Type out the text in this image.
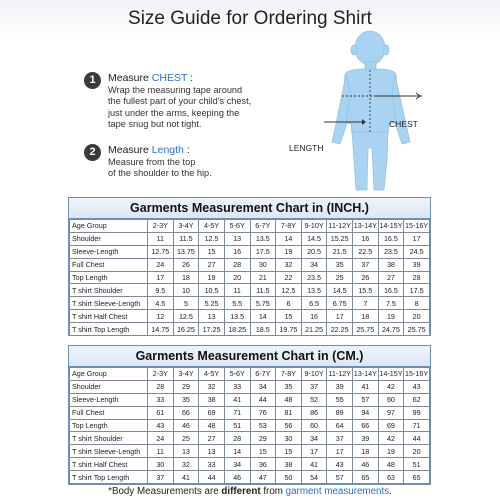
Size Guide for Ordering Shirt
1	Measure CHEST :
Wrap the measuring tape around
the fullest part of your child's chest,
just under the arms, keeping the
tape snug but not tight.
2	Measure Length :
Measure from the top
of the shoulder to the hip.
CHEST
LENGTH
Garments Measurement Chart in (INCH.)
Age Group	2-3Y	3-4Y	4-5Y	5-6Y	6-7Y	7-8Y	9-10Y	11-12Y	13-14Y	14-15Y	15-16Y
Shoulder	11	11.5	12.5	13	13.5	14	14.5	15.25	16	16.5	17
Sleeve-Length	12.75	13.75	15	16	17.5	19	20.5	21.5	22.5	23.5	24.5
Full Chest	24	26	27	28	30	32	34	35	37	38	39
Top Length	17	18	19	20	21	22	23.5	25	26	27	28
T shirt Shoulder	9.5	10	10.5	11	11.5	12.5	13.5	14.5	15.5	16.5	17.5
T shirt Sleeve-Length	4.5	5	5.25	5.5	5.75	6	6.5	6.75	7	7.5	8
T shirt Half Chest	12	12.5	13	13.5	14	15	16	17	18	19	20
T shirt Top Length	14.75	16.25	17.25	18.25	18.5	19.75	21.25	22.25	25.75	24.75	25.75
Garments Measurement Chart in (CM.)
Age Group	2-3Y	3-4Y	4-5Y	5-6Y	6-7Y	7-8Y	9-10Y	11-12Y	13-14Y	14-15Y	15-16Y
Shoulder	28	29	32	33	34	35	37	39	41	42	43
Sleeve-Length	33	35	38	41	44	48	52	55	57	60	62
Full Chest	61	66	69	71	76	81	86	89	94	97	99
Top Length	43	46	48	51	53	56	60	64	66	69	71
T shirt Shoulder	24	25	27	28	29	30	34	37	39	42	44
T shirt Sleeve-Length	11	13	13	14	15	15	17	17	18	19	20
T shirt Half Chest	30	32	33	34	36	38	41	43	46	48	51
T shirt Top Length	37	41	44	46	47	50	54	57	65	63	65
*Body Measurements are different from garment measurements.
